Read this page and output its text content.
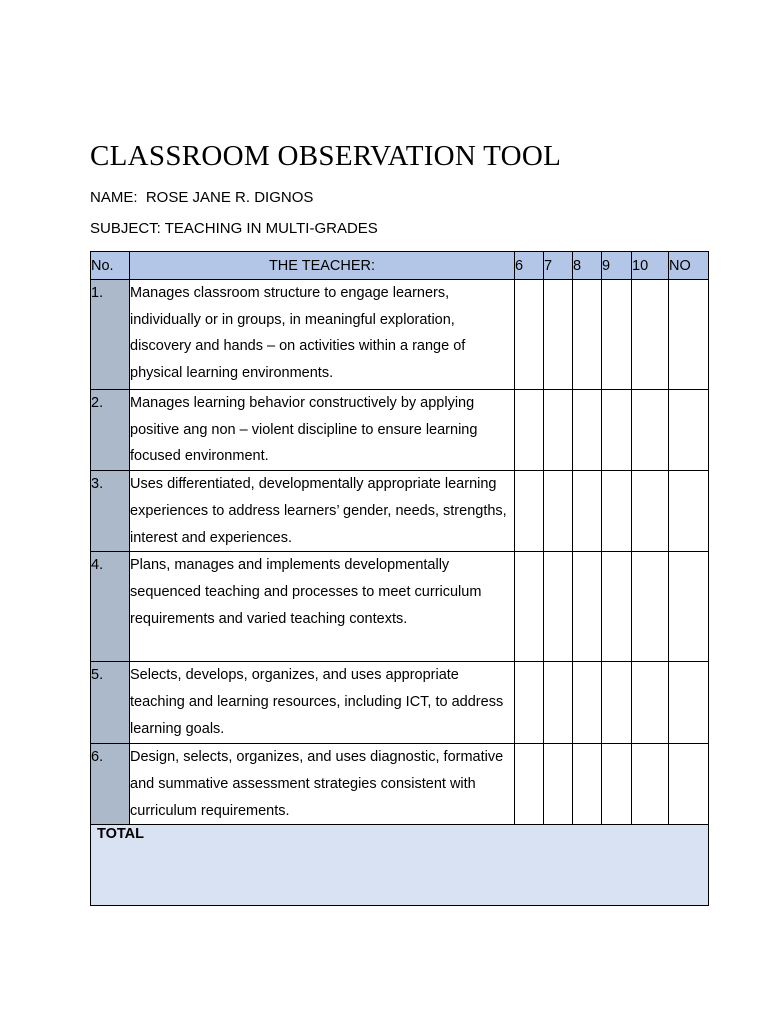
CLASSROOM OBSERVATION TOOL
NAME:  ROSE JANE R. DIGNOS
SUBJECT: TEACHING IN MULTI-GRADES
No.	THE TEACHER:	6	7	8	9	10	NO
1.	Manages classroom structure to engage learners, individually or in groups, in meaningful exploration, discovery and hands – on activities within a range of physical learning environments.						
2.	Manages learning behavior constructively by applying positive ang non – violent discipline to ensure learning focused environment.						
3.	Uses differentiated, developmentally appropriate learning experiences to address learners’ gender, needs, strengths, interest and experiences.						
4.	Plans, manages and implements developmentally sequenced teaching and processes to meet curriculum requirements and varied teaching contexts.						
5.	Selects, develops, organizes, and uses appropriate teaching and learning resources, including ICT, to address learning goals.						
6.	Design, selects, organizes, and uses diagnostic, formative and summative assessment strategies consistent with curriculum requirements.						
TOTAL							
